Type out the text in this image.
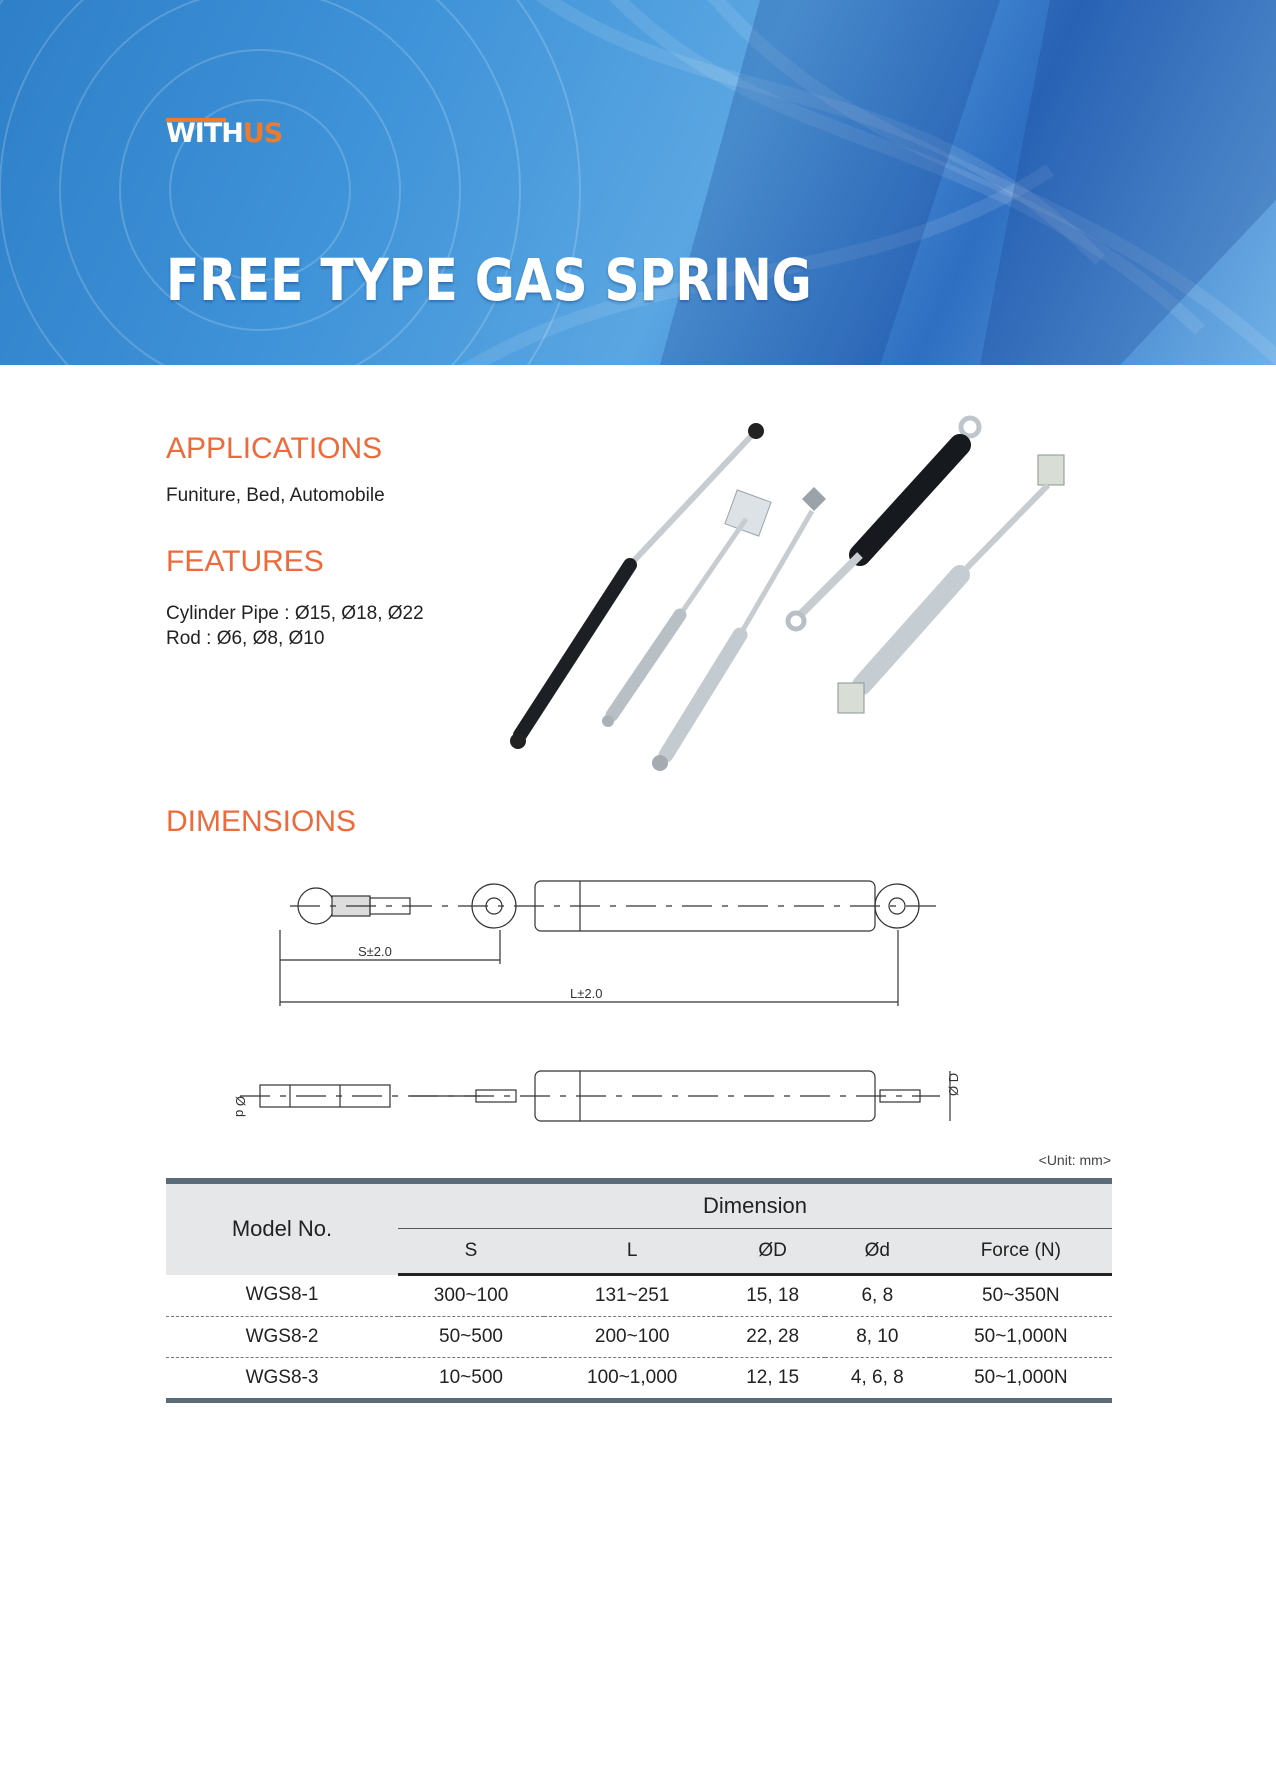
WITHUS
FREE TYPE GAS SPRING
APPLICATIONS
Funiture, Bed, Automobile
FEATURES
Cylinder Pipe : Ø15, Ø18, Ø22
Rod : Ø6, Ø8, Ø10
DIMENSIONS
S±2.0
L±2.0
Ø d
Ø D
<Unit: mm>
Model No.	Dimension				
	S	L	ØD	Ød	Force (N)
WGS8-1	300~100	131~251	15, 18	6, 8	50~350N
WGS8-2	50~500	200~100	22, 28	8, 10	50~1,000N
WGS8-3	10~500	100~1,000	12, 15	4, 6, 8	50~1,000N
